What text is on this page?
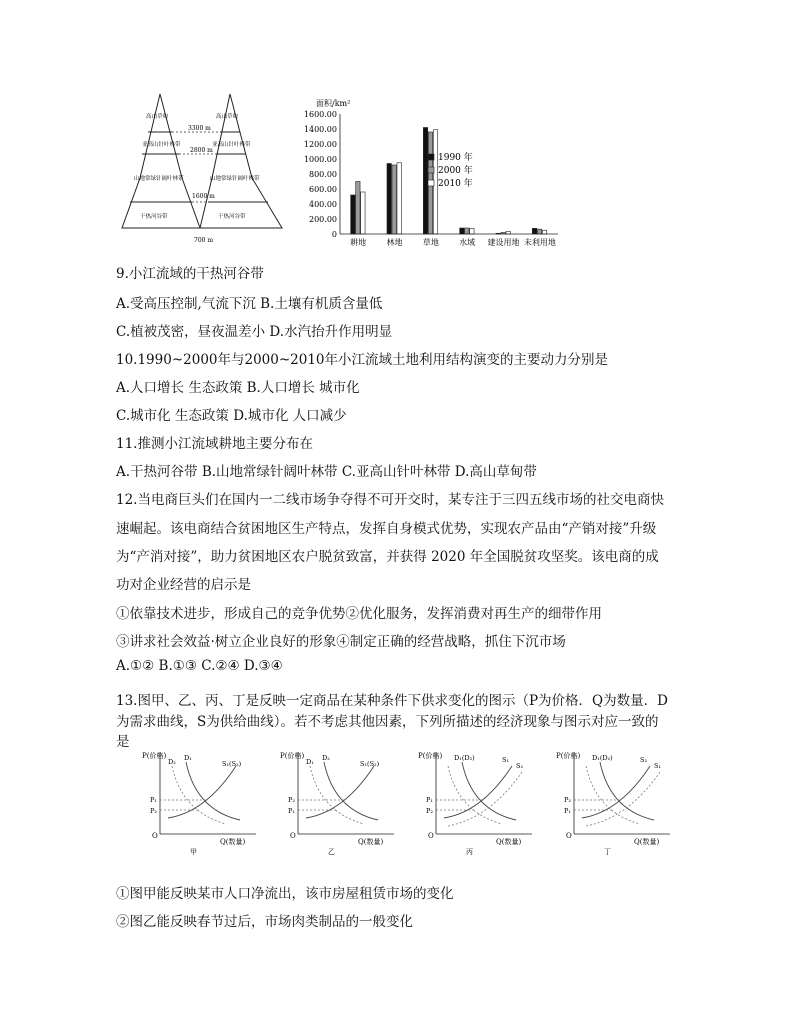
3300 m
2800 m
1600 m
700 m
高山草甸
亚高山针叶林带
山地常绿针阔叶林带
干热河谷带
高山草甸
亚高山针叶林带
山地常绿针阔叶林带
干热河谷带
面积/km²
0
200.00
400.00
600.00
800.00
1000.00
1200.00
1400.00
1600.00
耕地	林地	草地	水域 建设用地 未利用地
1990 年
2000 年
2010 年
9.小江流域的干热河谷带
A.受高压控制,气流下沉 B.土壤有机质含量低
C.植被茂密，昼夜温差小 D.水汽抬升作用明显
10.1990~2000年与2000~2010年小江流域土地利用结构演变的主要动力分别是
A.人口增长 生态政策 B.人口增长 城市化
C.城市化 生态政策 D.城市化 人口减少
11.推测小江流域耕地主要分布在
A.干热河谷带 B.山地常绿针阔叶林带 C.亚高山针叶林带 D.高山草甸带
12.当电商巨头们在国内一二线市场争夺得不可开交时，某专注于三四五线市场的社交电商快
速崛起。该电商结合贫困地区生产特点，发挥自身模式优势，实现农产品由“产销对接”升级
为“产消对接”，助力贫困地区农户脱贫致富，并获得 2020 年全国脱贫攻坚奖。该电商的成
功对企业经营的启示是
①依靠技术进步，形成自己的竞争优势②优化服务，发挥消费对再生产的细带作用
③讲求社会效益·树立企业良好的形象④制定正确的经营战略，抓住下沉市场
A.①② B.①③ C.②④ D.③④
13.图甲、乙、丙、丁是反映一定商品在某种条件下供求变化的图示（P为价格．Q为数量．D
为需求曲线，S为供给曲线）。若不考虑其他因素，下列所描述的经济现象与图示对应一致的
是
①图甲能反映某市人口净流出，该市房屋租赁市场的变化
②图乙能反映春节过后，市场肉类制品的一般变化
P(价格)
Q(数量)
O
甲
P₁
P₂
D₂ D₁
S₁(S₂)
P(价格)
Q(数量)
O
乙
P₂
P₁
D₁ D₂
S₁(S₂)
P(价格)
Q(数量)
O
丙
P₁
P₂
D₁(D₂)	S₁
S₂
P(价格)
Q(数量)
O
丁
P₂
P₁
D₁(D₂)	S₂
S₁
